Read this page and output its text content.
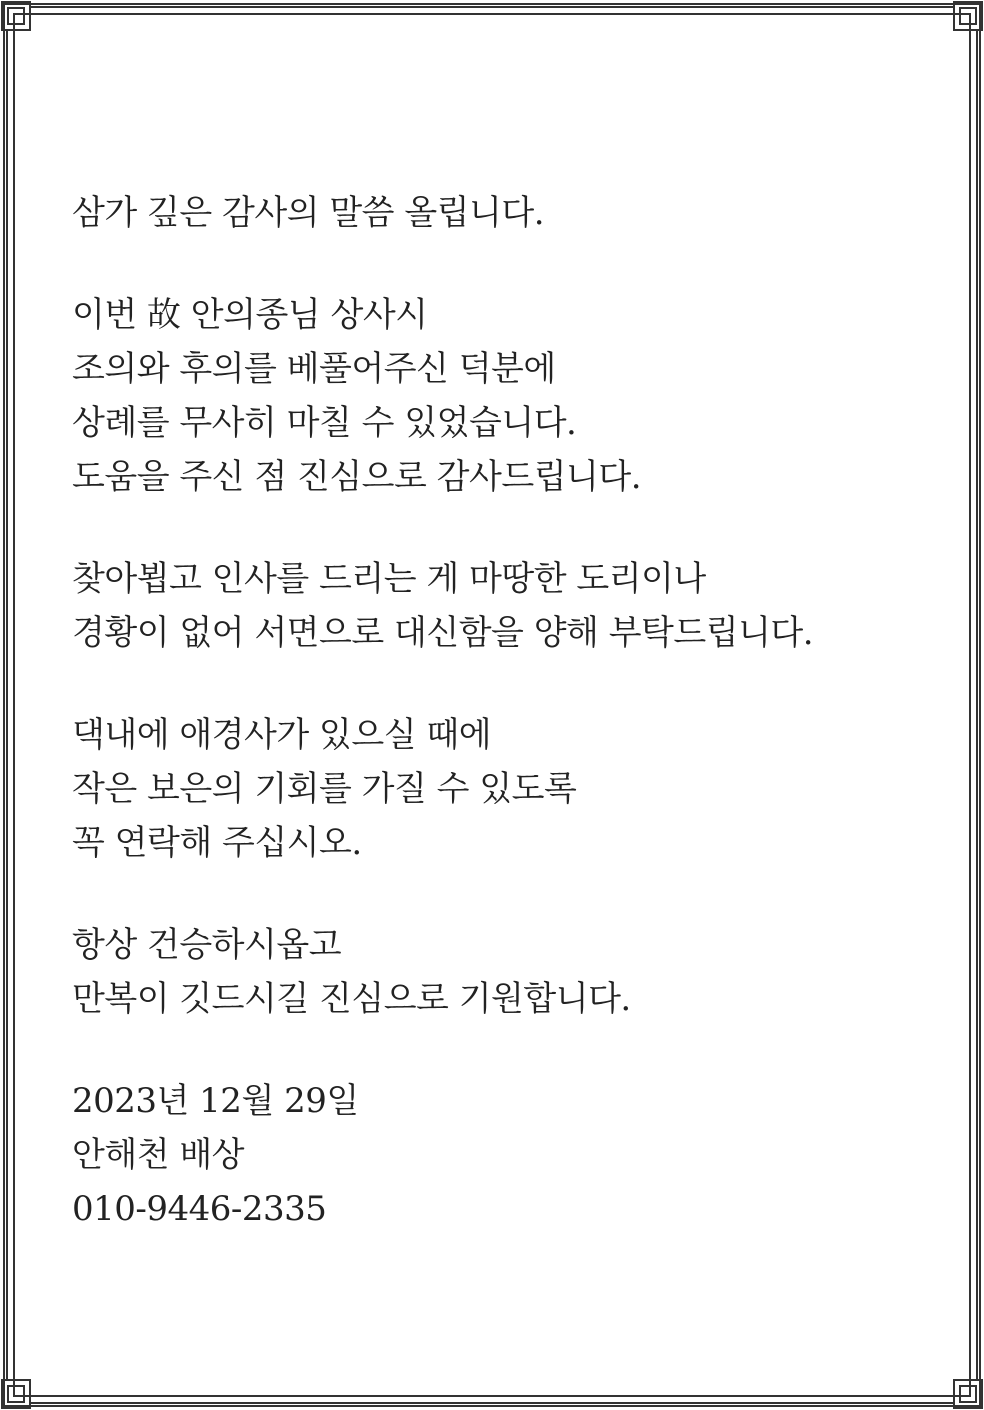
삼가 깊은 감사의 말씀 올립니다.
이번 故 안의종님 상사시
조의와 후의를 베풀어주신 덕분에
상례를 무사히 마칠 수 있었습니다.
도움을 주신 점 진심으로 감사드립니다.
찾아뵙고 인사를 드리는 게 마땅한 도리이나
경황이 없어 서면으로 대신함을 양해 부탁드립니다.
댁내에 애경사가 있으실 때에
작은 보은의 기회를 가질 수 있도록
꼭 연락해 주십시오.
항상 건승하시옵고
만복이 깃드시길 진심으로 기원합니다.
2023년 12월 29일
안해천 배상
010-9446-2335
